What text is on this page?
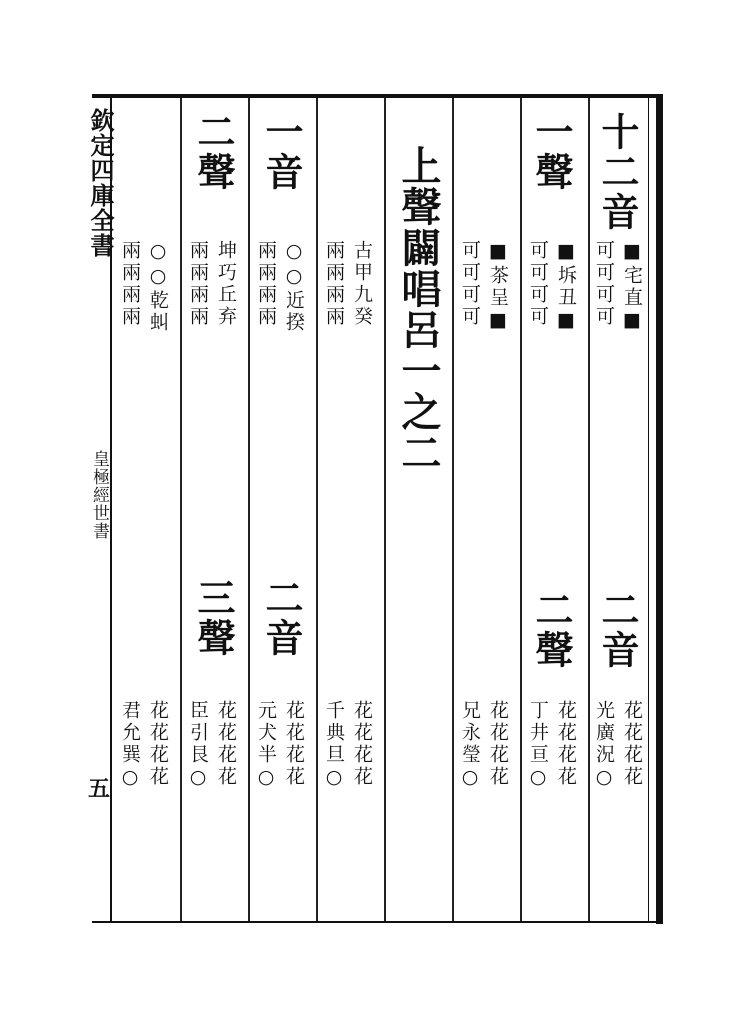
欽定四庫全書
皇極經世書
五
十二音
■宅直■
可可可可
二音
花花花花
光廣況○
一聲
■坼丑■
可可可可
二聲
花花花花
丁井亘○
■茶呈■
可可可可
花花花花
兄永瑩○
上聲闢唱呂一之二
古甲九癸
兩兩兩兩
花花花花
千典旦○
一音
○○近揆
兩兩兩兩
二音
花花花花
元犬半○
二聲
坤巧丘弃
兩兩兩兩
三聲
花花花花
臣引艮○
○○乾虯
兩兩兩兩
花花花花
君允巽○
